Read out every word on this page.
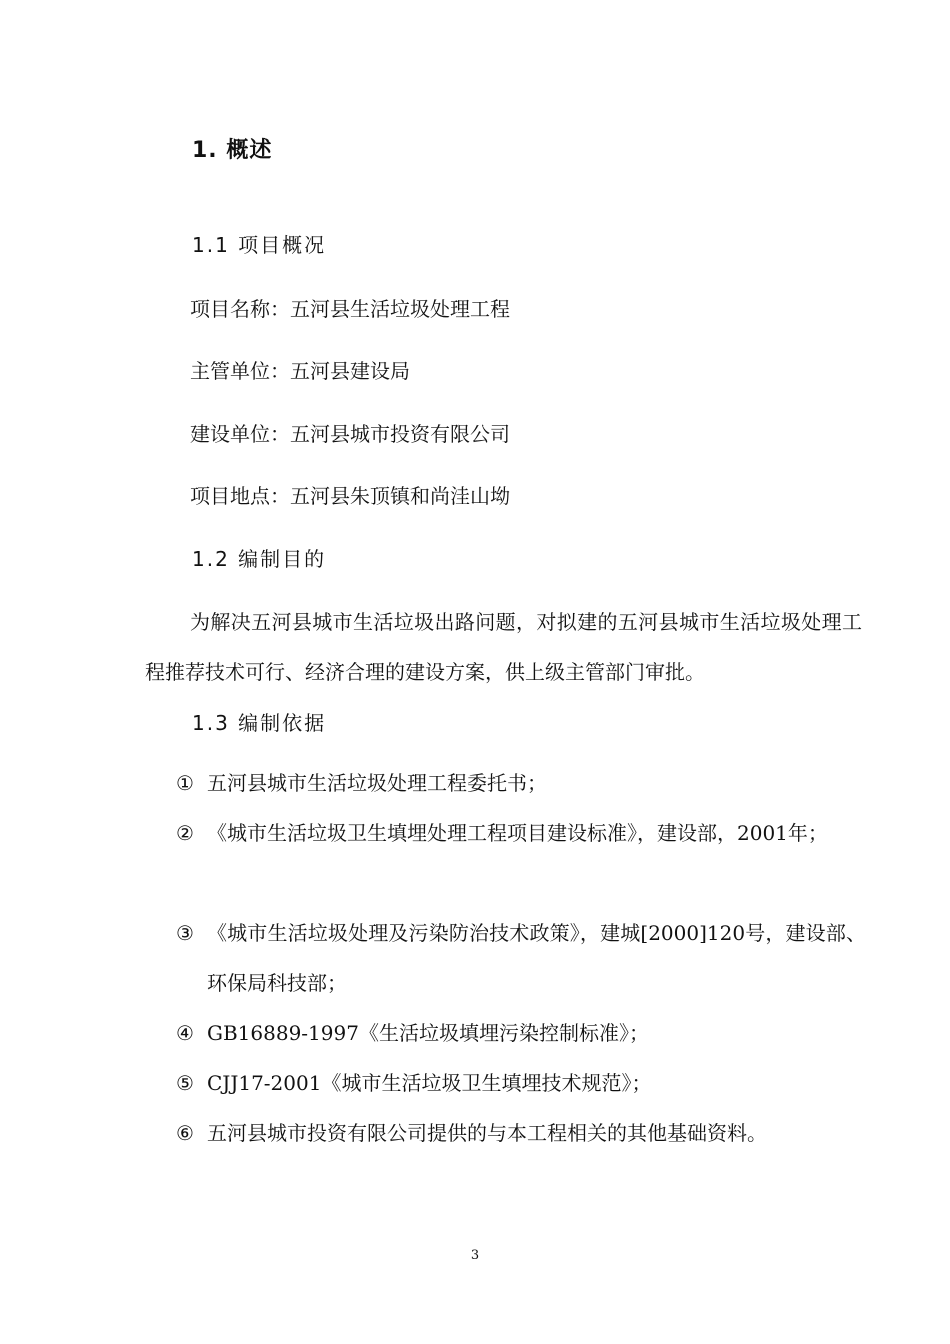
1. 概述
1.1 项目概况
项目名称：五河县生活垃圾处理工程
主管单位：五河县建设局
建设单位：五河县城市投资有限公司
项目地点：五河县朱顶镇和尚洼山坳
1.2 编制目的
为解决五河县城市生活垃圾出路问题，对拟建的五河县城市生活垃圾处理工程推荐技术可行、经济合理的建设方案，供上级主管部门审批。
1.3 编制依据
① 五河县城市生活垃圾处理工程委托书；
② 《城市生活垃圾卫生填埋处理工程项目建设标准》，建设部，2001年；
③ 《城市生活垃圾处理及污染防治技术政策》，建城[2000]120号，建设部、环保局科技部；
④ GB16889-1997《生活垃圾填埋污染控制标准》；
⑤ CJJ17-2001《城市生活垃圾卫生填埋技术规范》；
⑥ 五河县城市投资有限公司提供的与本工程相关的其他基础资料。
3
